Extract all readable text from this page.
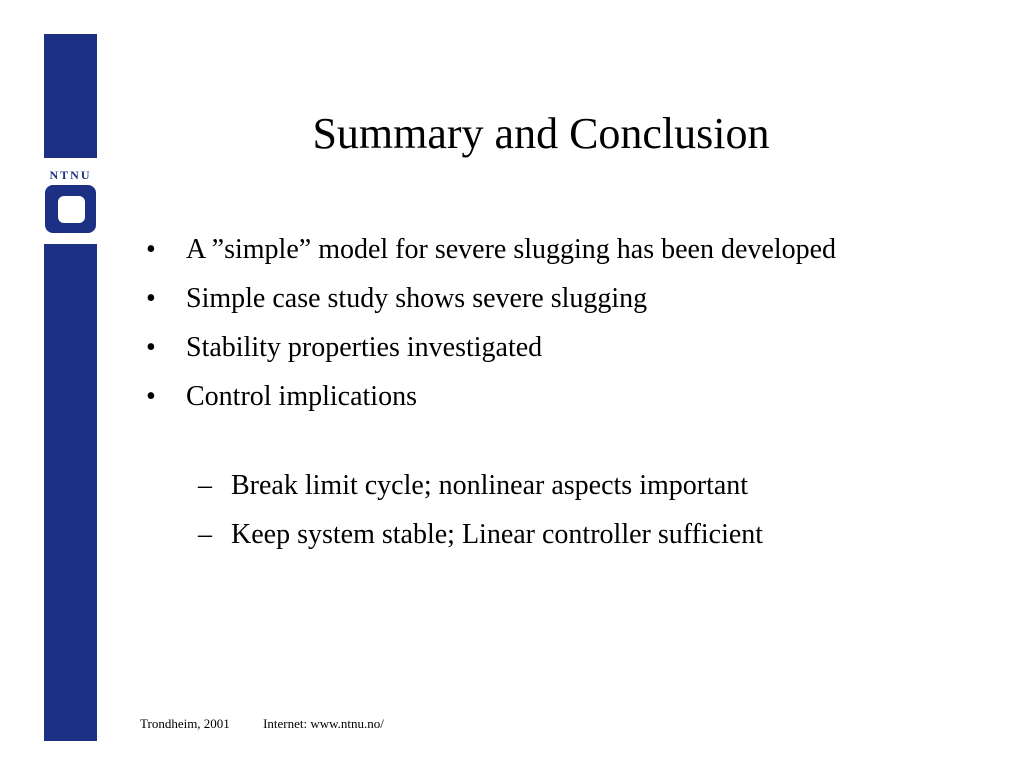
NTNU
Summary and Conclusion
• A ”simple” model for severe slugging has been developed
• Simple case study shows severe slugging
• Stability properties investigated
• Control implications
– Break limit cycle; nonlinear aspects important
– Keep system stable; Linear controller sufficient
Trondheim, 2001	Internet: www.ntnu.no/
